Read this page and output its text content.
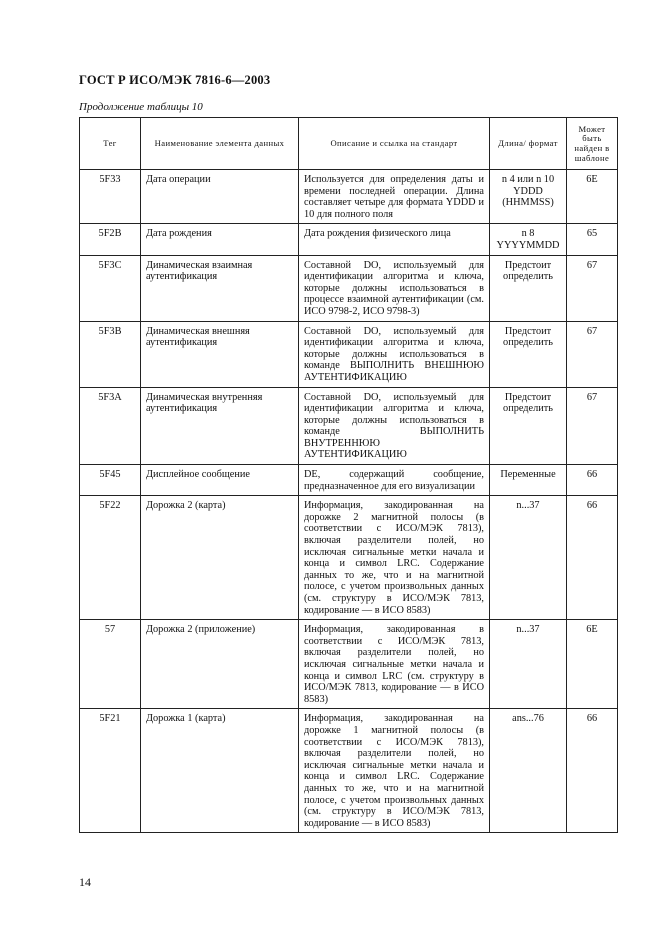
ГОСТ Р ИСО/МЭК 7816-6—2003
Продолжение таблицы 10
Тег	Наименование элемента данных	Описание и ссылка на стандарт	Длина/ формат	Может быть найден в шаблоне
5F33	Дата операции	Используется для определения даты и времени последней операции. Длина составляет четыре для формата YDDD и 10 для полного поля	n 4 или n 10 YDDD (HHMMSS)	6E
5F2B	Дата рождения	Дата рождения физического лица	n 8 YYYYMMDD	65
5F3C	Динамическая взаимная аутентификация	Составной DO, используемый для идентификации алгоритма и ключа, которые должны использоваться в процессе взаимной аутентификации (см. ИСО 9798-2, ИСО 9798-3)	Предстоит определить	67
5F3B	Динамическая внешняя аутентификация	Составной DO, используемый для идентификации алгоритма и ключа, которые должны использоваться в команде ВЫПОЛНИТЬ ВНЕШНЮЮ АУТЕНТИФИКАЦИЮ	Предстоит определить	67
5F3A	Динамическая внутренняя аутентификация	Составной DO, используемый для идентификации алгоритма и ключа, которые должны использоваться в команде ВЫПОЛНИТЬ ВНУТРЕННЮЮ АУТЕНТИФИКАЦИЮ	Предстоит определить	67
5F45	Дисплейное сообщение	DE, содержащий сообщение, предназначенное для его визуализации	Переменные	66
5F22	Дорожка 2 (карта)	Информация, закодированная на дорожке 2 магнитной полосы (в соответствии с ИСО/МЭК 7813), включая разделители полей, но исключая сигнальные метки начала и конца и символ LRC. Содержание данных то же, что и на магнитной полосе, с учетом произвольных данных (см. структуру в ИСО/МЭК 7813, кодирование — в ИСО 8583)	n...37	66
57	Дорожка 2 (приложение)	Информация, закодированная в соответствии с ИСО/МЭК 7813, включая разделители полей, но исключая сигнальные метки начала и конца и символ LRC (см. структуру в ИСО/МЭК 7813, кодирование — в ИСО 8583)	n...37	6E
5F21	Дорожка 1 (карта)	Информация, закодированная на дорожке 1 магнитной полосы (в соответствии с ИСО/МЭК 7813), включая разделители полей, но исключая сигнальные метки начала и конца и символ LRC. Содержание данных то же, что и на магнитной полосе, с учетом произвольных данных (см. структуру в ИСО/МЭК 7813, кодирование — в ИСО 8583)	ans...76	66
14
